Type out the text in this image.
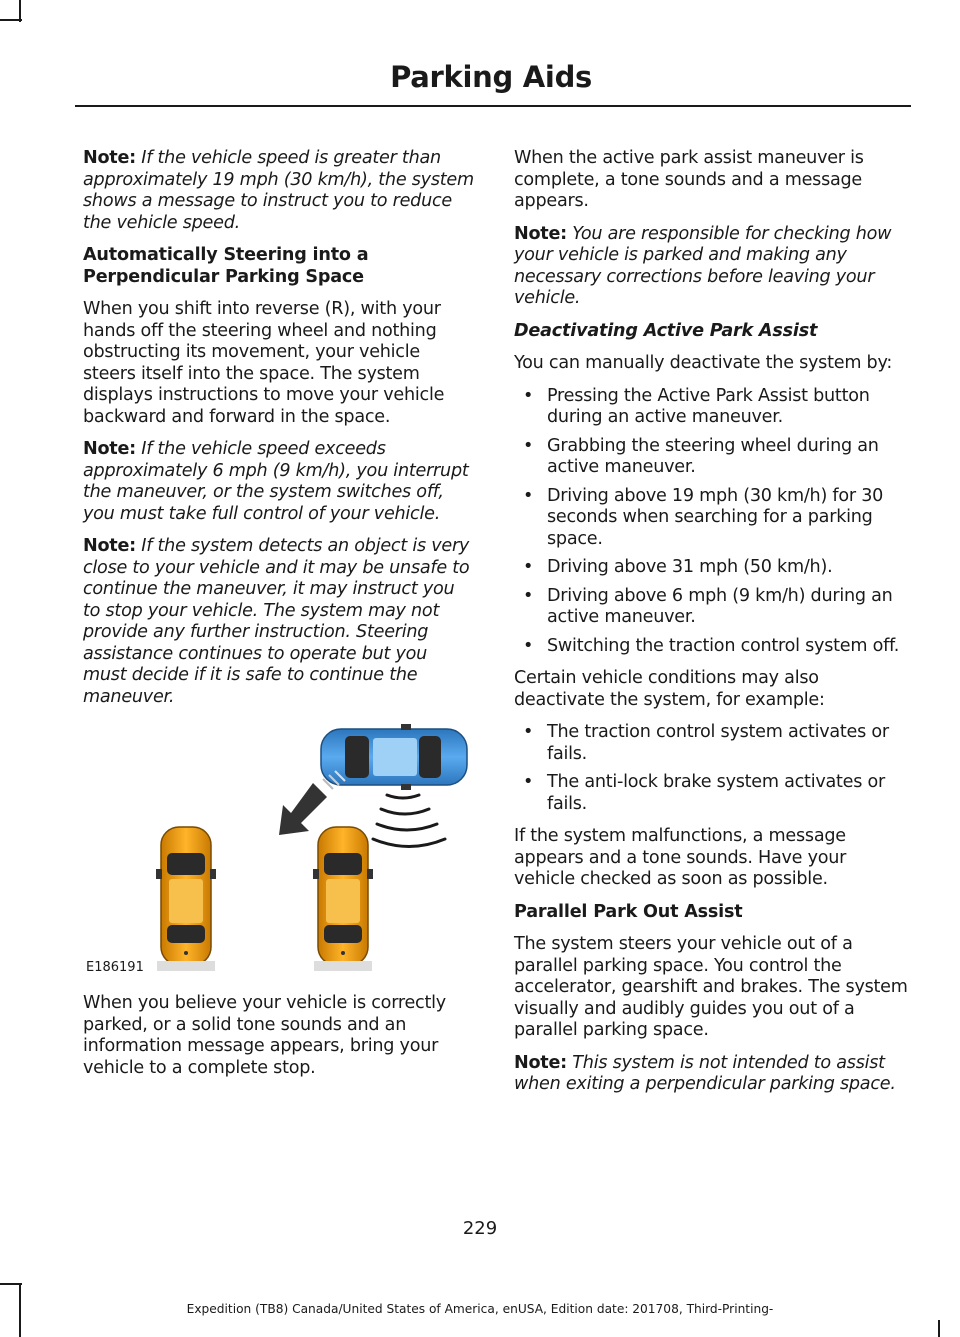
Parking Aids

Note: If the vehicle speed is greater than approximately 19 mph (30 km/h), the system shows a message to instruct you to reduce the vehicle speed.

Automatically Steering into a Perpendicular Parking Space

When you shift into reverse (R), with your hands off the steering wheel and nothing obstructing its movement, your vehicle steers itself into the space. The system displays instructions to move your vehicle backward and forward in the space.

Note: If the vehicle speed exceeds approximately 6 mph (9 km/h), you interrupt the maneuver, or the system switches off, you must take full control of your vehicle.

Note: If the system detects an object is very close to your vehicle and it may be unsafe to continue the maneuver, it may instruct you to stop your vehicle. The system may not provide any further instruction. Steering assistance continues to operate but you must decide if it is safe to continue the maneuver.

E186191

When you believe your vehicle is correctly parked, or a solid tone sounds and an information message appears, bring your vehicle to a complete stop.

When the active park assist maneuver is complete, a tone sounds and a message appears.

Note: You are responsible for checking how your vehicle is parked and making any necessary corrections before leaving your vehicle.

Deactivating Active Park Assist

You can manually deactivate the system by:

• Pressing the Active Park Assist button during an active maneuver.
• Grabbing the steering wheel during an active maneuver.
• Driving above 19 mph (30 km/h) for 30 seconds when searching for a parking space.
• Driving above 31 mph (50 km/h).
• Driving above 6 mph (9 km/h) during an active maneuver.
• Switching the traction control system off.

Certain vehicle conditions may also deactivate the system, for example:

• The traction control system activates or fails.
• The anti-lock brake system activates or fails.

If the system malfunctions, a message appears and a tone sounds. Have your vehicle checked as soon as possible.

Parallel Park Out Assist

The system steers your vehicle out of a parallel parking space. You control the accelerator, gearshift and brakes. The system visually and audibly guides you out of a parallel parking space.

Note: This system is not intended to assist when exiting a perpendicular parking space.

229
Expedition (TB8) Canada/United States of America, enUSA, Edition date: 201708, Third-Printing-
